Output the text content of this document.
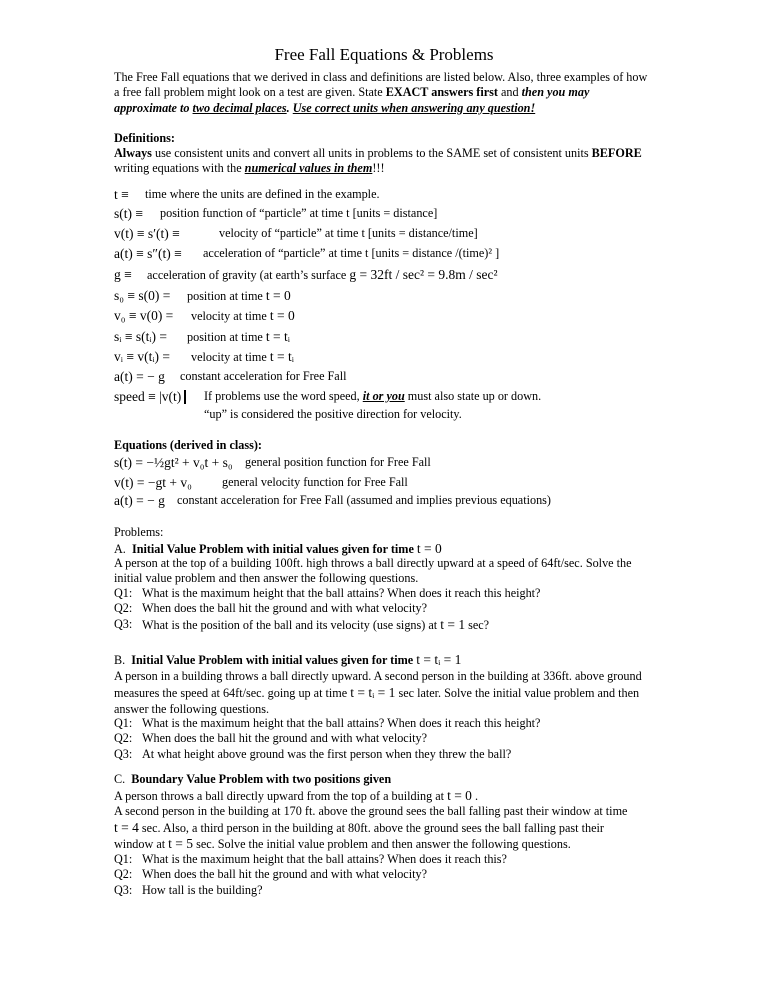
Free Fall Equations & Problems
The Free Fall equations that we derived in class and definitions are listed below. Also, three examples of how a free fall problem might look on a test are given. State EXACT answers first and then you may approximate to two decimal places. Use correct units when answering any question!
Definitions:
Always use consistent units and convert all units in problems to the SAME set of consistent units BEFORE writing equations with the numerical values in them!!!
t ≡ time where the units are defined in the example.
s(t) ≡ position function of “particle” at time t [units = distance]
v(t) ≡ s′(t) ≡	velocity of “particle” at time t [units = distance/time]
a(t) ≡ s″(t) ≡ acceleration of “particle” at time t [units = distance /(time)² ]
g ≡ acceleration of gravity (at earth’s surface g = 32ft / sec² = 9.8m / sec²
s₀ ≡ s(0) = position at time t = 0
v₀ ≡ v(0) = velocity at time t = 0
sᵢ ≡ s(tᵢ) = position at time t = tᵢ
vᵢ ≡ v(tᵢ) = velocity at time t = tᵢ
a(t) = − g constant acceleration for Free Fall
speed ≡ |v(t) If problems use the word speed, it or you must also state up or down.
“up” is considered the positive direction for velocity.
Equations (derived in class):
s(t) = −½gt² + v₀t + s₀ general position function for Free Fall
v(t) = −gt + v₀ general velocity function for Free Fall
a(t) = − g constant acceleration for Free Fall (assumed and implies previous equations)
Problems:
A. Initial Value Problem with initial values given for time t = 0
A person at the top of a building 100ft. high throws a ball directly upward at a speed of 64ft/sec. Solve the initial value problem and then answer the following questions.
Q1: What is the maximum height that the ball attains? When does it reach this height?
Q2: When does the ball hit the ground and with what velocity?
Q3: What is the position of the ball and its velocity (use signs) at t = 1 sec?
B. Initial Value Problem with initial values given for time t = tᵢ = 1
A person in a building throws a ball directly upward. A second person in the building at 336ft. above ground measures the speed at 64ft/sec. going up at time t = tᵢ = 1 sec later. Solve the initial value problem and then answer the following questions.
Q1: What is the maximum height that the ball attains? When does it reach this height?
Q2: When does the ball hit the ground and with what velocity?
Q3: At what height above ground was the first person when they threw the ball?
C. Boundary Value Problem with two positions given
A person throws a ball directly upward from the top of a building at t = 0 .
A second person in the building at 170 ft. above the ground sees the ball falling past their window at time
t = 4 sec. Also, a third person in the building at 80ft. above the ground sees the ball falling past their
window at t = 5 sec. Solve the initial value problem and then answer the following questions.
Q1: What is the maximum height that the ball attains? When does it reach this?
Q2: When does the ball hit the ground and with what velocity?
Q3: How tall is the building?
